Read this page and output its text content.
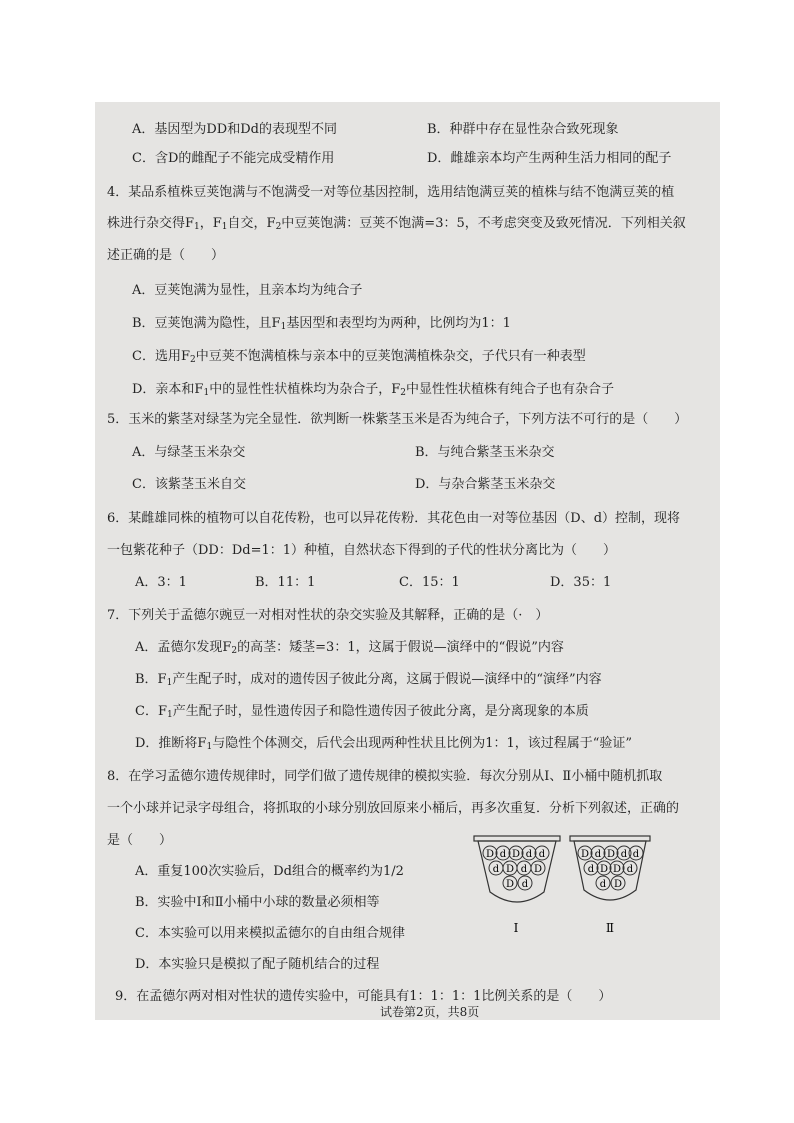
A．基因型为DD和Dd的表现型不同	B．种群中存在显性杂合致死现象
C．含D的雌配子不能完成受精作用	D．雌雄亲本均产生两种生活力相同的配子
4．某品系植株豆荚饱满与不饱满受一对等位基因控制，选用结饱满豆荚的植株与结不饱满豆荚的植
株进行杂交得$F_1$，$F_1$自交，$F_2$中豆荚饱满：豆荚不饱满=3：5，不考虑突变及致死情况．下列相关叙
述正确的是（　　）
A．豆荚饱满为显性，且亲本均为纯合子
B．豆荚饱满为隐性，且$F_1$基因型和表型均为两种，比例均为1：1
C．选用$F_2$中豆荚不饱满植株与亲本中的豆荚饱满植株杂交，子代只有一种表型
D．亲本和$F_1$中的显性性状植株均为杂合子，$F_2$中显性性状植株有纯合子也有杂合子
5．玉米的紫茎对绿茎为完全显性．欲判断一株紫茎玉米是否为纯合子，下列方法不可行的是（　　）
A．与绿茎玉米杂交	B．与纯合紫茎玉米杂交
C．该紫茎玉米自交	D．与杂合紫茎玉米杂交
6．某雌雄同株的植物可以自花传粉，也可以异花传粉．其花色由一对等位基因（D、d）控制，现将
一包紫花种子（DD：Dd=1：1）种植，自然状态下得到的子代的性状分离比为（　　）
A．3：1	B．11：1	C．15：1	D．35：1
7．下列关于孟德尔豌豆一对相对性状的杂交实验及其解释，正确的是（·　）
A．孟德尔发现$F_2$的高茎：矮茎=3：1，这属于假说—演绎中的“假说”内容
B．$F_1$产生配子时，成对的遗传因子彼此分离，这属于假说—演绎中的“演绎”内容
C．$F_1$产生配子时，显性遗传因子和隐性遗传因子彼此分离，是分离现象的本质
D．推断将$F_1$与隐性个体测交，后代会出现两种性状且比例为1：1，该过程属于“验证”
8．在学习孟德尔遗传规律时，同学们做了遗传规律的模拟实验．每次分别从Ⅰ、Ⅱ小桶中随机抓取
一个小球并记录字母组合，将抓取的小球分别放回原来小桶后，再多次重复．分析下列叙述，正确的
是（　　）
A．重复100次实验后，Dd组合的概率约为1/2
B．实验中Ⅰ和Ⅱ小桶中小球的数量必须相等
C．本实验可以用来模拟孟德尔的自由组合规律
D．本实验只是模拟了配子随机结合的过程
9．在孟德尔两对相对性状的遗传实验中，可能具有1：1：1：1比例关系的是（　　）
试卷第2页，共8页
D d D d d
d D d D
D d
Ⅰ
D d D d d
d D D d
d D
Ⅱ
